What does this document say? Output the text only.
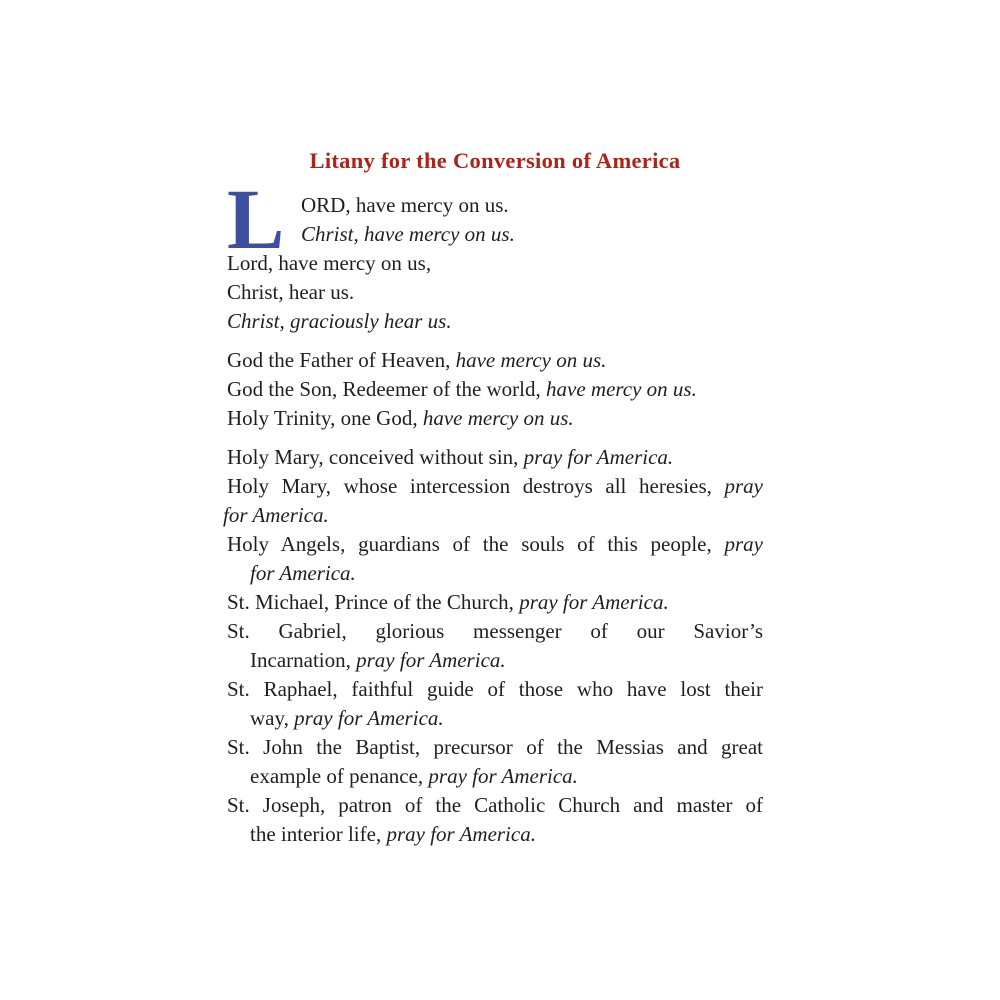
Litany for the Conversion of America
L ORD, have mercy on us.
Christ, have mercy on us.
Lord, have mercy on us,
Christ, hear us.
Christ, graciously hear us.
God the Father of Heaven, have mercy on us.
God the Son, Redeemer of the world, have mercy on us.
Holy Trinity, one God, have mercy on us.
Holy Mary, conceived without sin, pray for America.
Holy Mary, whose intercession destroys all heresies, pray
for America.
Holy Angels, guardians of the souls of this people, pray
for America.
St. Michael, Prince of the Church, pray for America.
St. Gabriel, glorious messenger of our Savior’s
Incarnation, pray for America.
St. Raphael, faithful guide of those who have lost their
way, pray for America.
St. John the Baptist, precursor of the Messias and great
example of penance, pray for America.
St. Joseph, patron of the Catholic Church and master of
the interior life, pray for America.
